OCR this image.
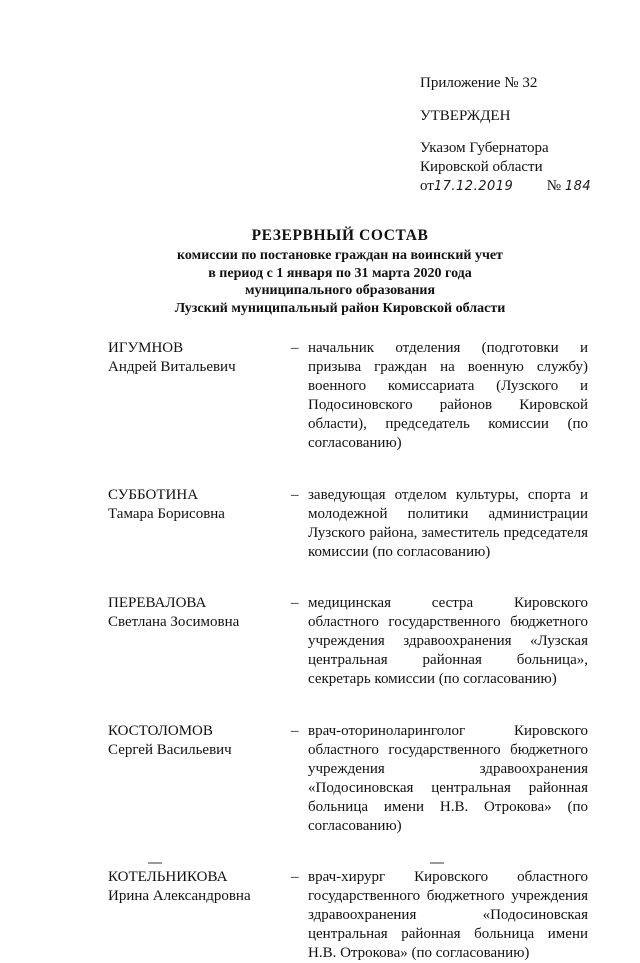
Приложение № 32
УТВЕРЖДЕН
Указом Губернатора
Кировской области
от17.12.2019 № 184
РЕЗЕРВНЫЙ СОСТАВ
комиссии по постановке граждан на воинский учет
в период с 1 января по 31 марта 2020 года
муниципального образования
Лузский муниципальный район Кировской области
ИГУМНОВ
Андрей Витальевич
– начальник отделения (подготовки и призыва граждан на военную службу) военного комиссариата (Лузского и Подосиновского районов Кировской области), председатель комиссии (по согласованию)
СУББОТИНА
Тамара Борисовна
– заведующая отделом культуры, спорта и молодежной политики администрации Лузского района, заместитель председателя комиссии (по согласованию)
ПЕРЕВАЛОВА
Светлана Зосимовна
– медицинская сестра Кировского областного государственного бюджетного учреждения здравоохранения «Лузская центральная районная больница», секретарь комиссии (по согласованию)
КОСТОЛОМОВ
Сергей Васильевич
– врач-оториноларинголог Кировского областного государственного бюджетного учреждения здравоохранения «Подосиновская центральная районная больница имени Н.В. Отрокова» (по согласованию)
КОТЕЛЬНИКОВА
Ирина Александровна
– врач-хирург Кировского областного государственного бюджетного учреждения здравоохранения «Подосиновская центральная районная больница имени Н.В. Отрокова» (по согласованию)
